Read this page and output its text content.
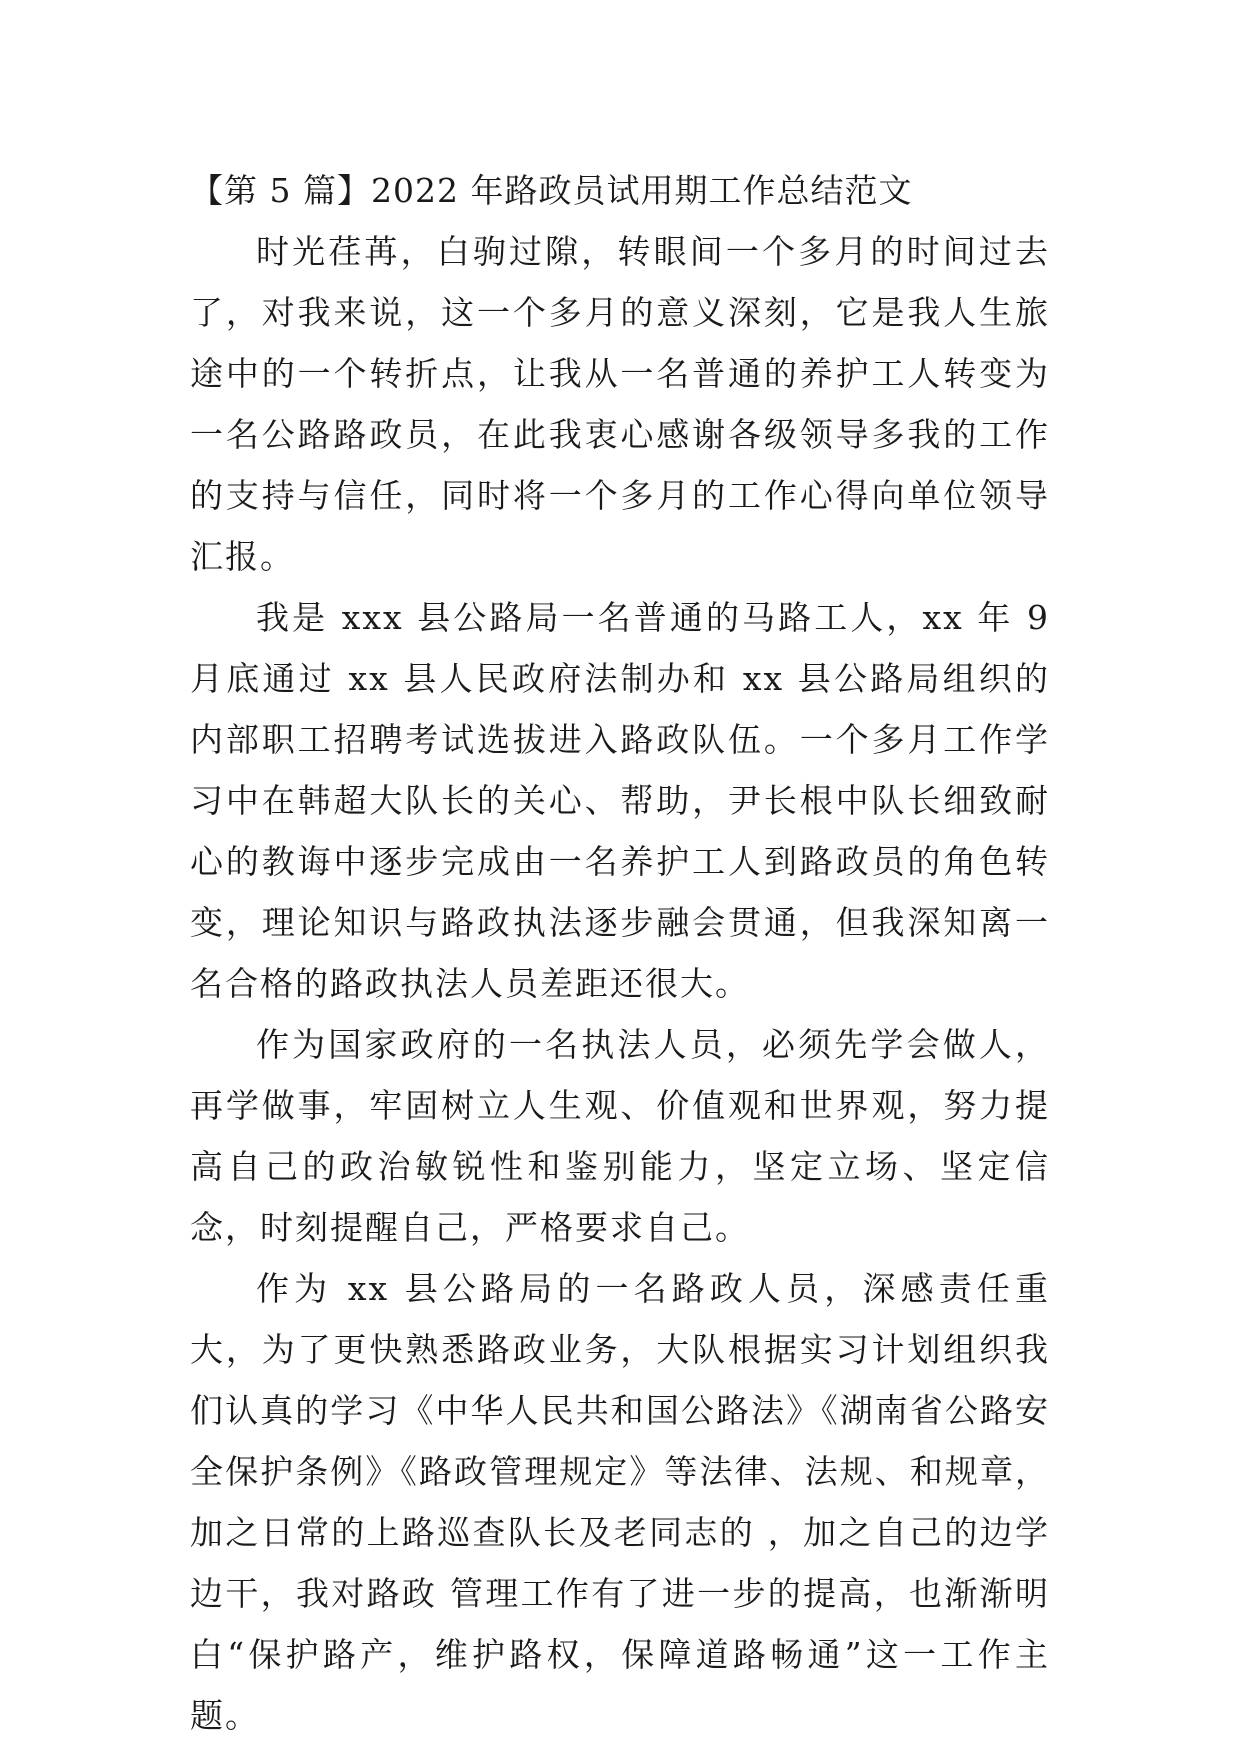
【第 5 篇】2022 年路政员试用期工作总结范文

时光荏苒，白驹过隙，转眼间一个多月的时间过去了，对我来说，这一个多月的意义深刻，它是我人生旅途中的一个转折点，让我从一名普通的养护工人转变为一名公路路政员，在此我衷心感谢各级领导多我的工作的支持与信任，同时将一个多月的工作心得向单位领导汇报。

我是 xxx 县公路局一名普通的马路工人，xx 年 9 月底通过 xx 县人民政府法制办和 xx 县公路局组织的内部职工招聘考试选拔进入路政队伍。一个多月工作学习中在韩超大队长的关心、帮助，尹长根中队长细致耐心的教诲中逐步完成由一名养护工人到路政员的角色转变，理论知识与路政执法逐步融会贯通，但我深知离一名合格的路政执法人员差距还很大。

作为国家政府的一名执法人员，必须先学会做人，再学做事，牢固树立人生观、价值观和世界观，努力提高自己的政治敏锐性和鉴别能力，坚定立场、坚定信念，时刻提醒自己，严格要求自己。

作为 xx 县公路局的一名路政人员，深感责任重大，为了更快熟悉路政业务，大队根据实习计划组织我们认真的学习《中华人民共和国公路法》《湖南省公路安全保护条例》《路政管理规定》等法律、法规、和规章，加之日常的上路巡查队长及老同志的 ，加之自己的边学边干，我对路政 管理工作有了进一步的提高，也渐渐明白“保护路产，维护路权，保障道路畅通”这一工作主题。
